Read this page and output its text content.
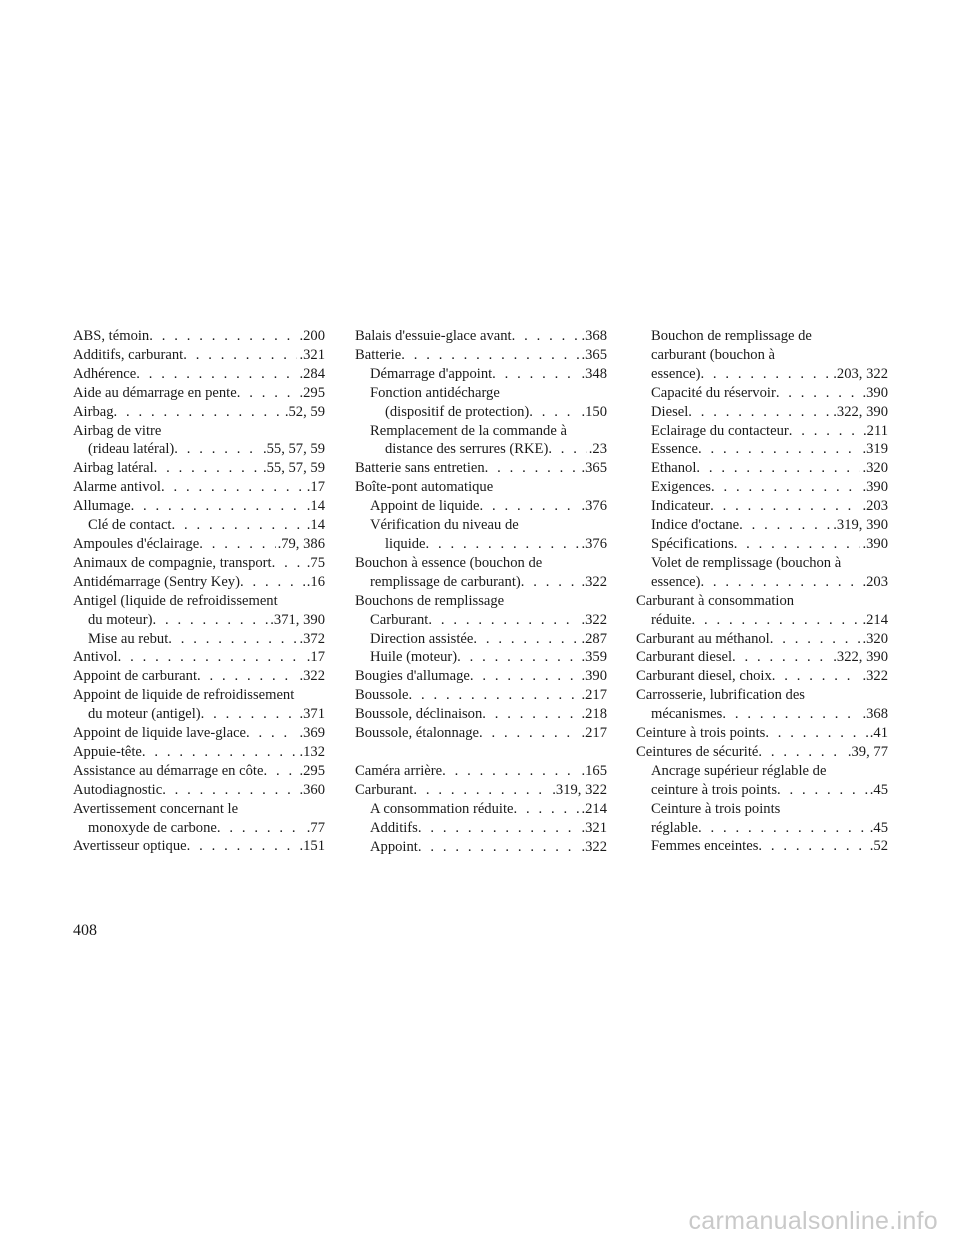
ABS, témoin . . .	.200
Additifs, carburant . . .	.321
Adhérence . . .	.284
Aide au démarrage en pente . . .	.295
Airbag . . .	.52, 59
Airbag de vitre
(rideau latéral) . . .	.55, 57, 59
Airbag latéral . . .	.55, 57, 59
Alarme antivol . . .	.17
Allumage . . .	.14
Clé de contact . . .	.14
Ampoules d'éclairage . . .	.79, 386
Animaux de compagnie, transport . . . .75
Antidémarrage (Sentry Key) . . .	.16
Antigel (liquide de refroidissement
du moteur) . . .	.371, 390
Mise au rebut . . .	.372
Antivol . . .	.17
Appoint de carburant . . .	.322
Appoint de liquide de refroidissement
du moteur (antigel) . . .	.371
Appoint de liquide lave-glace . . .	.369
Appuie-tête . . .	.132
Assistance au démarrage en côte . . . .295
Autodiagnostic . . .	.360
Avertissement concernant le
monoxyde de carbone . . .	.77
Avertisseur optique . . .	.151
Balais d'essuie-glace avant . . .	.368
Batterie . . .	.365
Démarrage d'appoint . . .	.348
Fonction antidécharge
(dispositif de protection) . . .	.150
Remplacement de la commande à
distance des serrures (RKE) . . .	.23
Batterie sans entretien . . .	.365
Boîte-pont automatique
Appoint de liquide . . .	.376
Vérification du niveau de
liquide . . .	.376
Bouchon à essence (bouchon de
remplissage de carburant) . . .	.322
Bouchons de remplissage
Carburant . . .	.322
Direction assistée . . .	.287
Huile (moteur) . . .	.359
Bougies d'allumage . . .	.390
Boussole . . .	.217
Boussole, déclinaison . . .	.218
Boussole, étalonnage . . .	.217
Caméra arrière . . .	.165
Carburant . . .	.319, 322
A consommation réduite . . .	.214
Additifs . . .	.321
Appoint . . .	.322
Bouchon de remplissage de
carburant (bouchon à
essence) . . .	.203, 322
Capacité du réservoir . . .	.390
Diesel . . .	.322, 390
Eclairage du contacteur . . .	.211
Essence . . .	.319
Ethanol . . .	.320
Exigences . . .	.390
Indicateur . . .	.203
Indice d'octane . . .	.319, 390
Spécifications . . .	.390
Volet de remplissage (bouchon à
essence) . . .	.203
Carburant à consommation
réduite . . .	.214
Carburant au méthanol . . .	.320
Carburant diesel . . .	.322, 390
Carburant diesel, choix . . .	.322
Carrosserie, lubrification des
mécanismes . . .	.368
Ceinture à trois points . . .	.41
Ceintures de sécurité . . .	.39, 77
Ancrage supérieur réglable de
ceinture à trois points . . .	.45
Ceinture à trois points
réglable . . .	.45
Femmes enceintes . . .	.52
408
carmanualsonline.info
